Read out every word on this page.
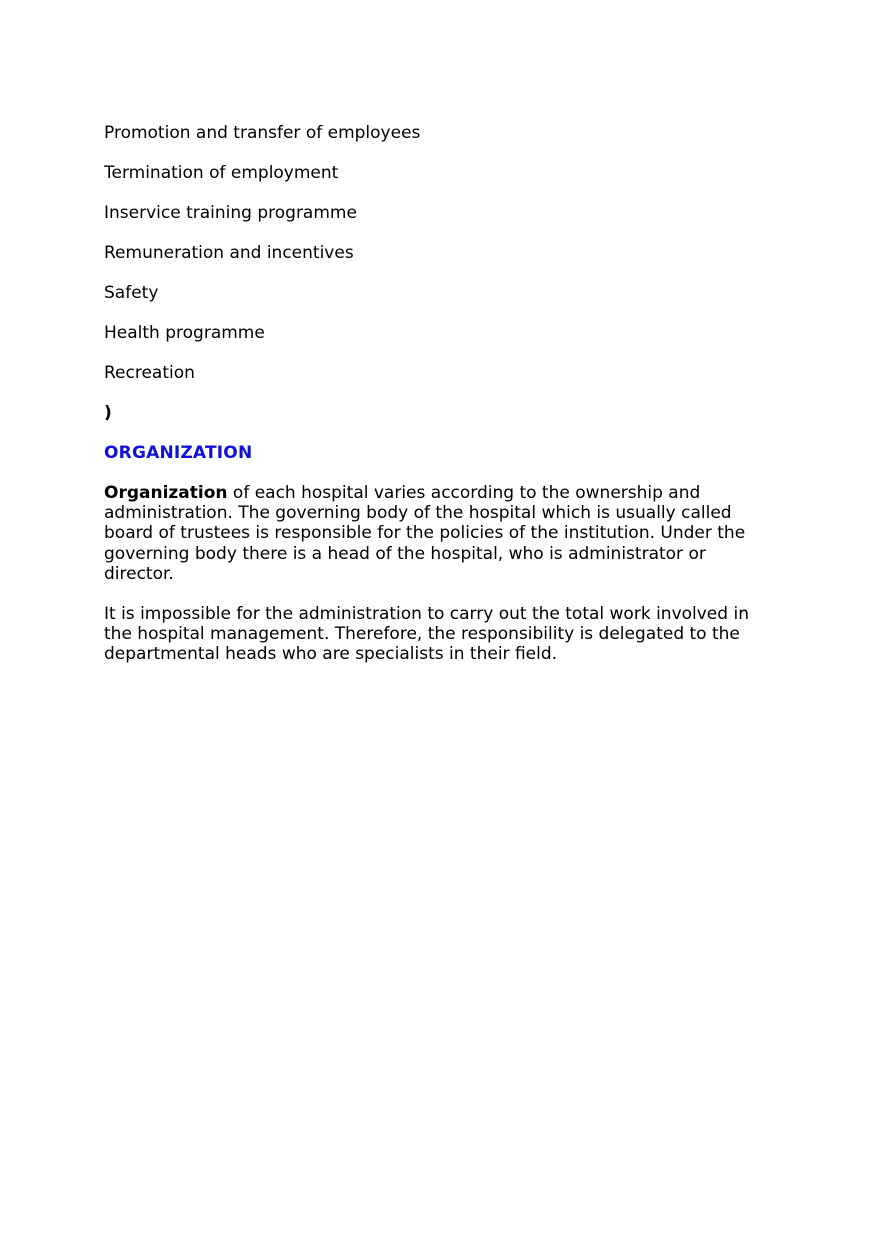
Promotion and transfer of employees
Termination of employment
Inservice training programme
Remuneration and incentives
Safety
Health programme
Recreation
)
ORGANIZATION

Organization of each hospital varies according to the ownership and administration. The governing body of the hospital which is usually called board of trustees is responsible for the policies of the institution. Under the governing body there is a head of the hospital, who is administrator or director.

It is impossible for the administration to carry out the total work involved in the hospital management. Therefore, the responsibility is delegated to the departmental heads who are specialists in their field.
